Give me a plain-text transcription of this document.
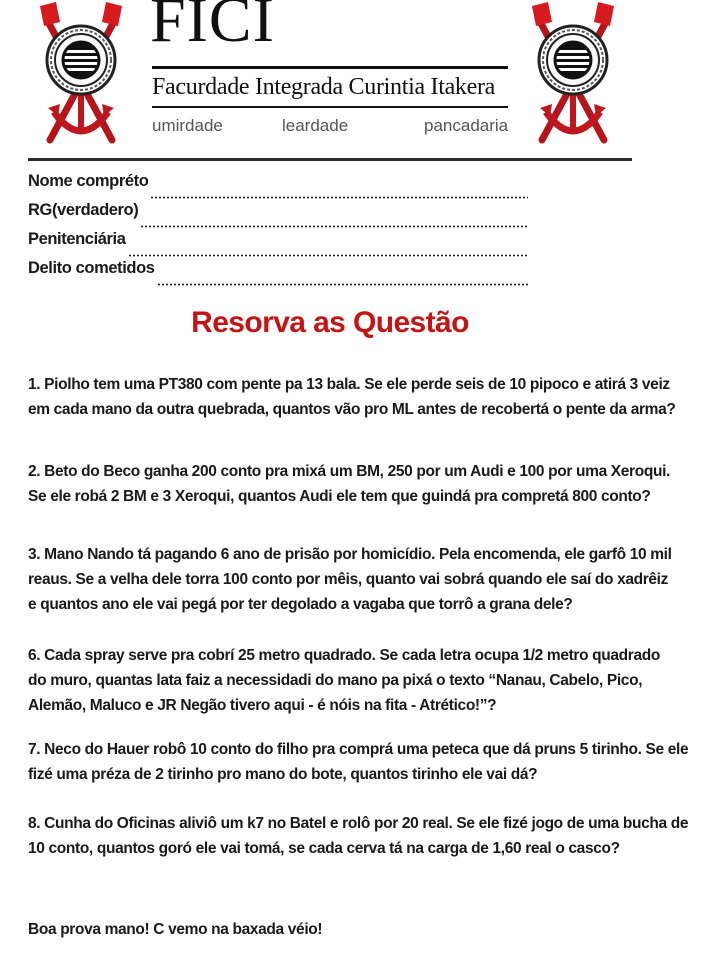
FICI
Facurdade Integrada Curintia Itakera
umirdade	leardade	pancadaria
Nome compréto
RG(verdadero)
Penitenciária
Delito cometidos
Resorva as Questão
1. Piolho tem uma PT380 com pente pa 13 bala. Se ele perde seis de 10 pipoco e atirá 3 veiz
em cada mano da outra quebrada, quantos vão pro ML antes de recobertá o pente da arma?
2. Beto do Beco ganha 200 conto pra mixá um BM, 250 por um Audi e 100 por uma Xeroqui.
Se ele robá 2 BM e 3 Xeroqui, quantos Audi ele tem que guindá pra compretá 800 conto?
3. Mano Nando tá pagando 6 ano de prisão por homicídio. Pela encomenda, ele garfô 10 mil
reaus. Se a velha dele torra 100 conto por mêis, quanto vai sobrá quando ele saí do xadrêiz
e quantos ano ele vai pegá por ter degolado a vagaba que torrô a grana dele?
6. Cada spray serve pra cobrí 25 metro quadrado. Se cada letra ocupa 1/2 metro quadrado
do muro, quantas lata faiz a necessidadi do mano pa pixá o texto “Nanau, Cabelo, Pico,
Alemão, Maluco e JR Negão tivero aqui - é nóis na fita - Atrético!”?
7. Neco do Hauer robô 10 conto do filho pra comprá uma peteca que dá pruns 5 tirinho. Se ele
fizé uma préza de 2 tirinho pro mano do bote, quantos tirinho ele vai dá?
8. Cunha do Oficinas aliviô um k7 no Batel e rolô por 20 real. Se ele fizé jogo de uma bucha de
10 conto, quantos goró ele vai tomá, se cada cerva tá na carga de 1,60 real o casco?
Boa prova mano! C vemo na baxada véio!
